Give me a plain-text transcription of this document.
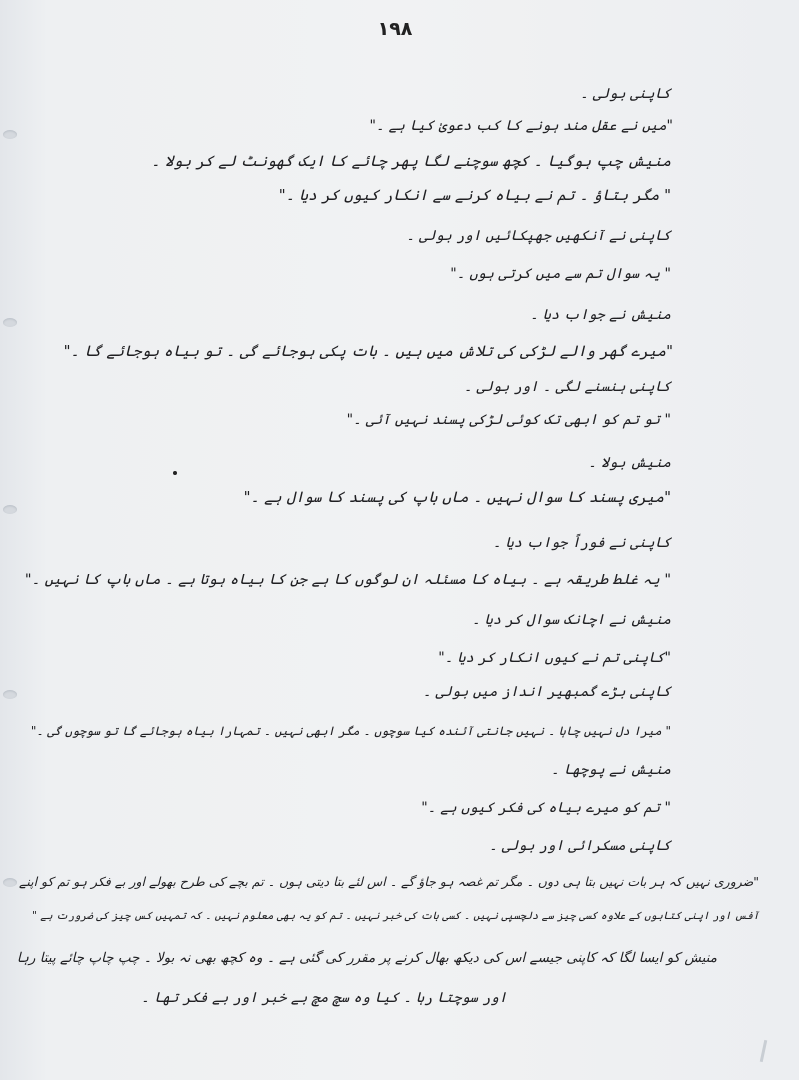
۱۹۸
کاپنی بولی ۔
"میں نے عقل مند ہونے کا کب دعویٰ کیا ہے ۔"
منیش چپ ہوگیا ۔ کچھ سوچنے لگا پھر چائے کا ایک گھونٹ لے کر بولا ۔
" مگر بتاؤ ۔ تم نے بیاہ کرنے سے انکار کیوں کر دیا ۔"
کاپنی نے آنکھیں جھپکائیں اور بولی ۔
" یہ سوال تم سے میں کرتی ہوں ۔"
منیش نے جواب دیا ۔
"میرے گھر والے لڑکی کی تلاش میں ہیں ۔ بات پکی ہوجائے گی ۔ تو بیاہ ہوجائے گا ۔"
کاپنی ہنسنے لگی ۔ اور بولی ۔
" تو تم کو ابھی تک کوئی لڑکی پسند نہیں آئی ۔"
منیش بولا ۔
"میری پسند کا سوال نہیں ۔ ماں باپ کی پسند کا سوال ہے ۔"
کاپنی نے فوراً جواب دیا ۔
" یہ غلط طریقہ ہے ۔ بیاہ کا مسئلہ ان لوگوں کا ہے جن کا بیاہ ہوتا ہے ۔ ماں باپ کا نہیں ۔"
منیش نے اچانک سوال کر دیا ۔
"کاپنی تم نے کیوں انکار کر دیا ۔"
کاپنی بڑے گمبھیر انداز میں بولی ۔
" میرا دل نہیں چاہا ۔ نہیں جانتی آئندہ کیا سوچوں ۔ مگر ابھی نہیں ۔ تمہارا بیاہ ہوجائے گا تو سوچوں گی ۔"
منیش نے پوچھا ۔
" تم کو میرے بیاہ کی فکر کیوں ہے ۔"
کاپنی مسکرائی اور بولی ۔
"ضروری نہیں کہ ہر بات نہیں بتا ہی دوں ۔ مگر تم غصہ ہو جاؤ گے ۔ اس لئے بتا دیتی ہوں ۔ تم بچے کی طرح بھولے اور بے فکر ہو تم کو اپنے
آفس اور اپنی کتابوں کے علاوہ کسی چیز سے دلچسپی نہیں ۔ کسی بات کی خبر نہیں ۔ تم کو یہ بھی معلوم نہیں ۔ کہ تمہیں کس چیز کی ضرورت ہے "
منیش کو ایسا لگا کہ کاپنی جیسے اس کی دیکھ بھال کرنے پر مقرر کی گئی ہے ۔ وہ کچھ بھی نہ بولا ۔ چپ چاپ چائے پیتا رہا
اور سوچتا رہا ۔ کیا وہ سچ مچ بے خبر اور بے فکر تھا ۔
